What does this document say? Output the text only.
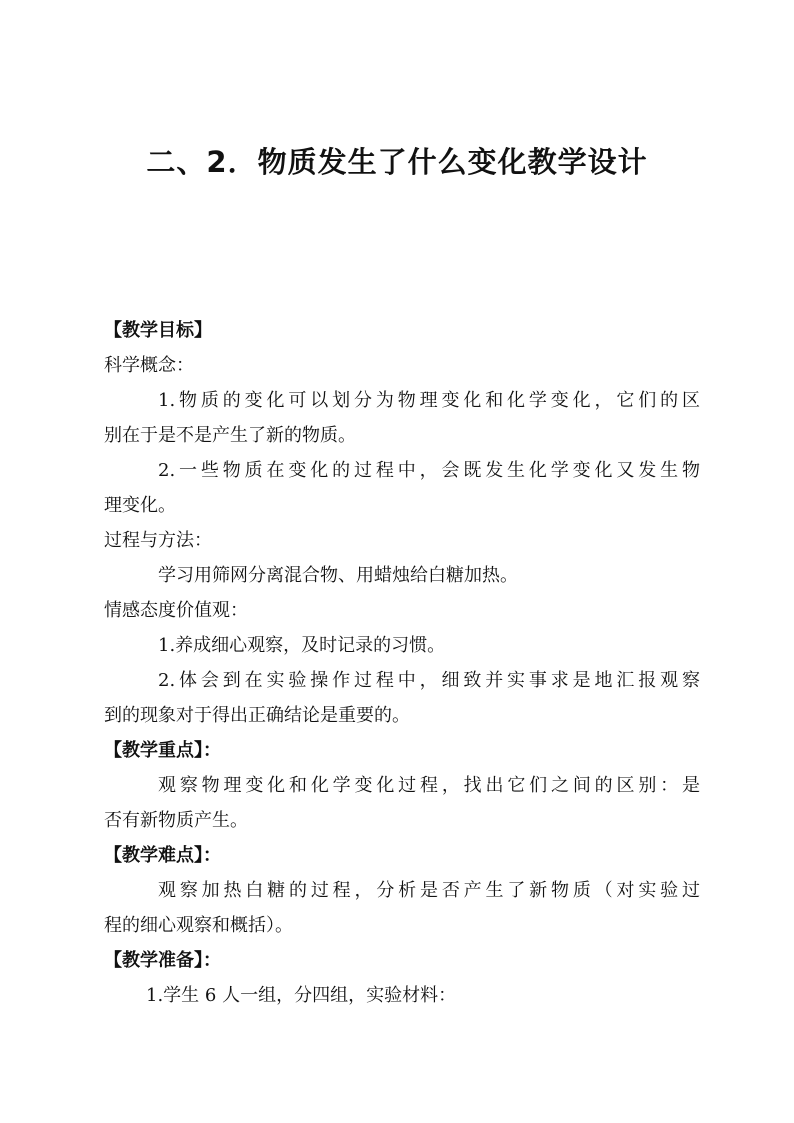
二、2．物质发生了什么变化教学设计
【教学目标】
科学概念：
1.物质的变化可以划分为物理变化和化学变化，它们的区
别在于是不是产生了新的物质。
2.一些物质在变化的过程中，会既发生化学变化又发生物
理变化。
过程与方法：
学习用筛网分离混合物、用蜡烛给白糖加热。
情感态度价值观：
1.养成细心观察，及时记录的习惯。
2.体会到在实验操作过程中，细致并实事求是地汇报观察
到的现象对于得出正确结论是重要的。
【教学重点】：
观察物理变化和化学变化过程，找出它们之间的区别：是
否有新物质产生。
【教学难点】：
观察加热白糖的过程，分析是否产生了新物质（对实验过
程的细心观察和概括）。
【教学准备】：
1.学生 6 人一组，分四组，实验材料：
